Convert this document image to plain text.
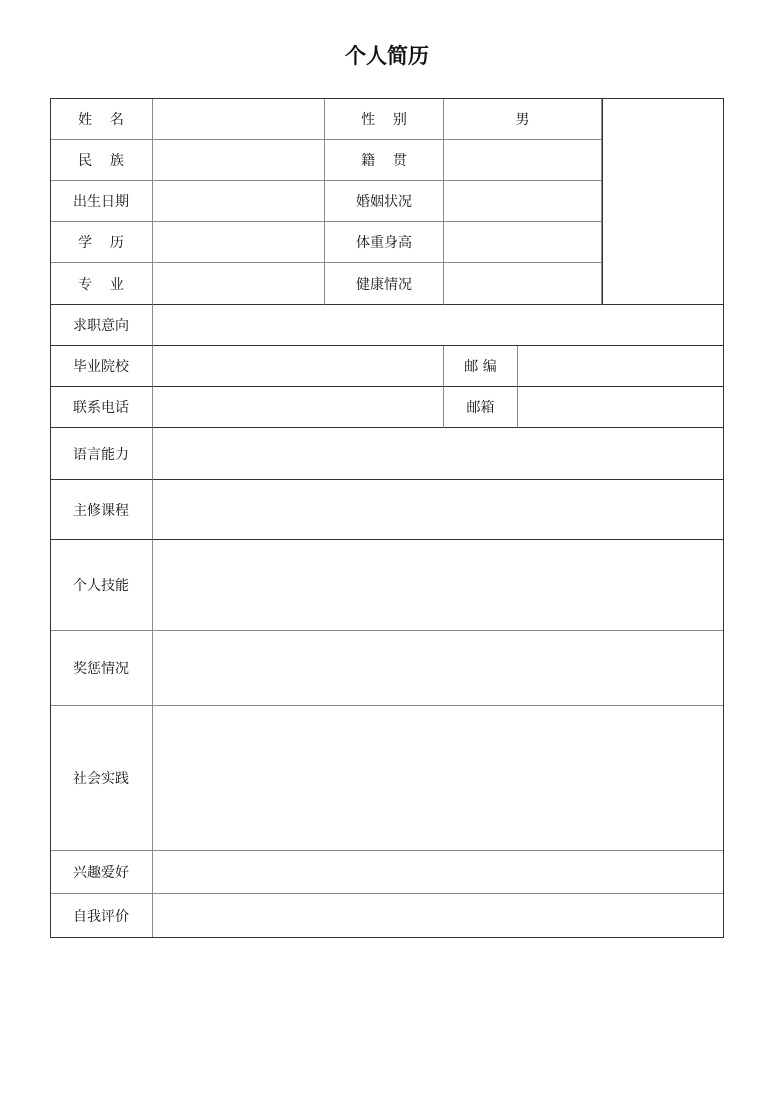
个人简历
姓    名	性    别	男
民    族	籍    贯
出生日期	婚姻状况
学    历	体重身高
专    业	健康情况
求职意向
毕业院校	邮 编
联系电话	邮箱
语言能力
主修课程
个人技能
奖惩情况
社会实践
兴趣爱好
自我评价
